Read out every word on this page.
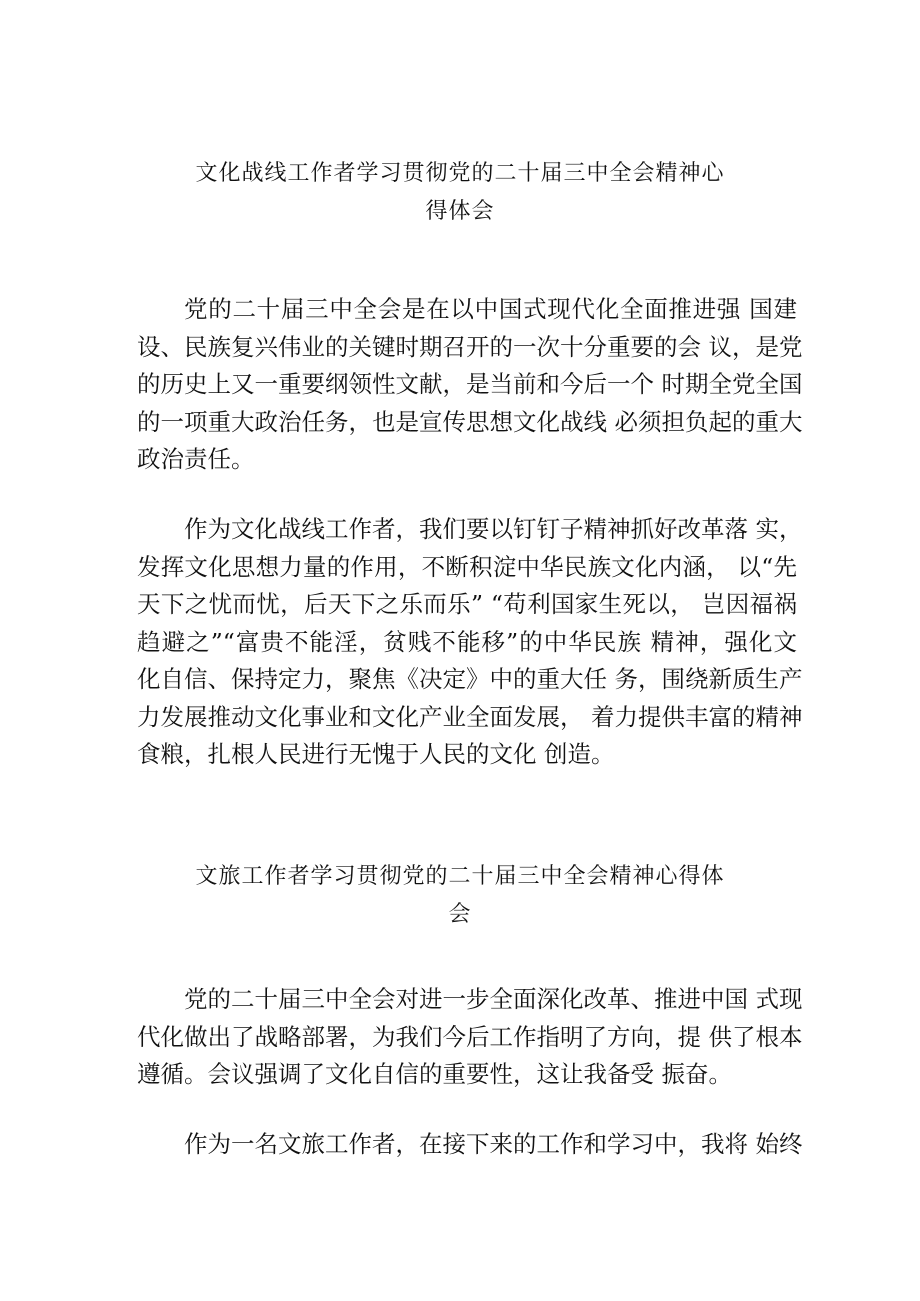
文化战线工作者学习贯彻党的二十届三中全会精神心
得体会
党的二十届三中全会是在以中国式现代化全面推进强 国建
设、民族复兴伟业的关键时期召开的一次十分重要的会 议，是党
的历史上又一重要纲领性文献，是当前和今后一个 时期全党全国
的一项重大政治任务，也是宣传思想文化战线 必须担负起的重大
政治责任。
作为文化战线工作者，我们要以钉钉子精神抓好改革落 实，
发挥文化思想力量的作用，不断积淀中华民族文化内涵， 以“先
天下之忧而忧，后天下之乐而乐” “苟利国家生死以， 岂因福祸
趋避之”“富贵不能淫，贫贱不能移”的中华民族 精神，强化文
化自信、保持定力，聚焦《决定》中的重大任 务，围绕新质生产
力发展推动文化事业和文化产业全面发展， 着力提供丰富的精神
食粮，扎根人民进行无愧于人民的文化 创造。
文旅工作者学习贯彻党的二十届三中全会精神心得体
会
党的二十届三中全会对进一步全面深化改革、推进中国 式现
代化做出了战略部署，为我们今后工作指明了方向，提 供了根本
遵循。会议强调了文化自信的重要性，这让我备受 振奋。
作为一名文旅工作者，在接下来的工作和学习中，我将 始终
